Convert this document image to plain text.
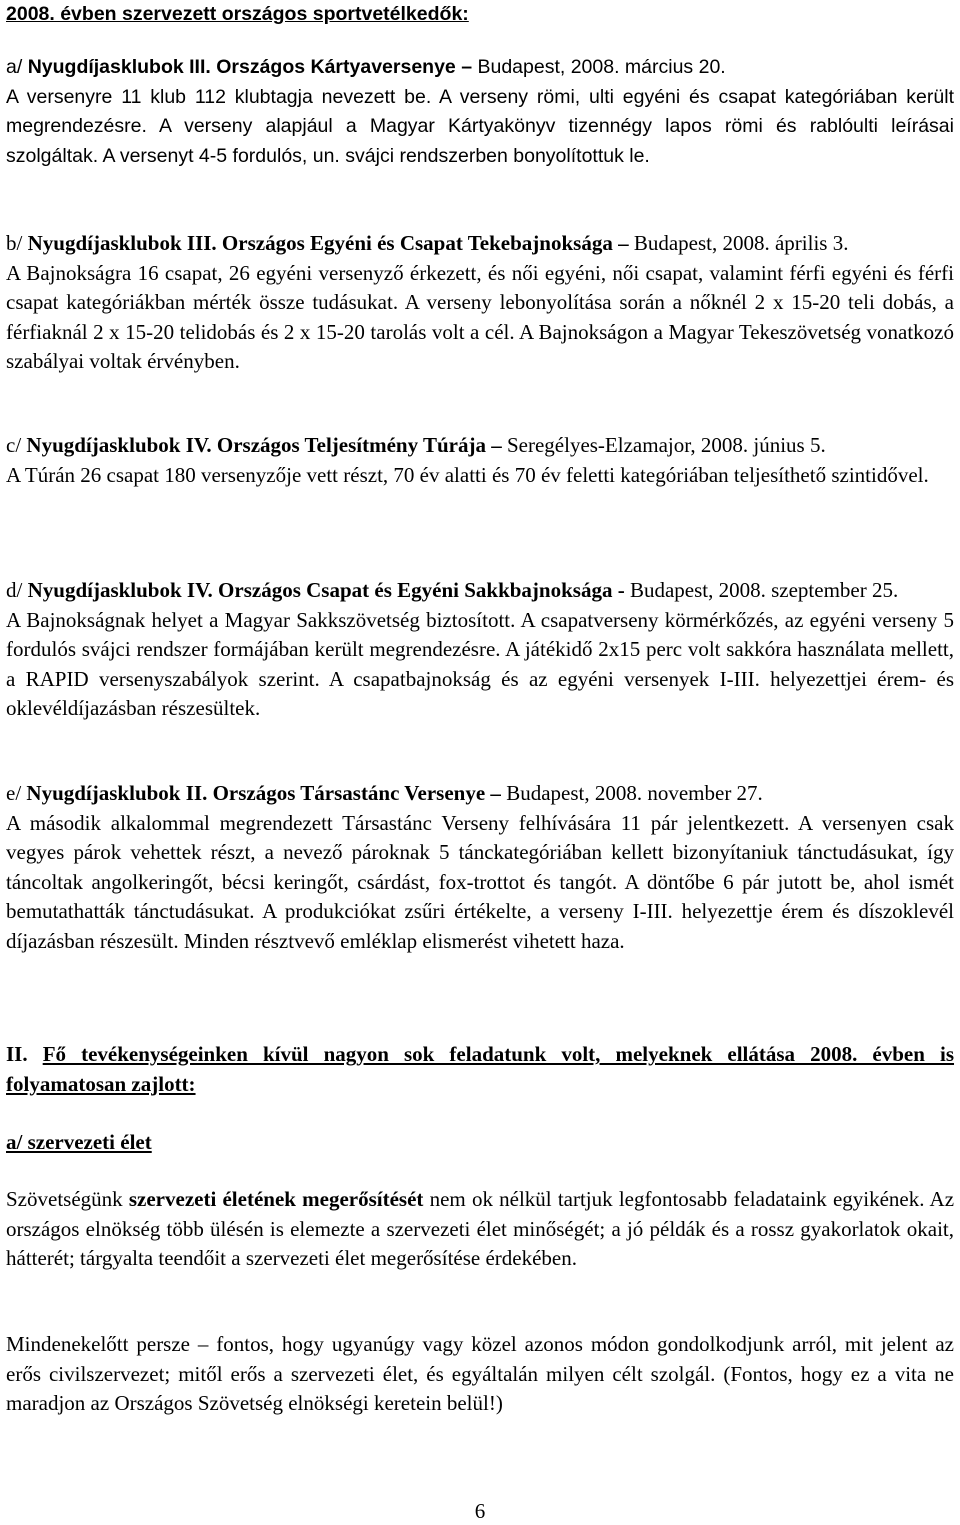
2008. évben szervezett országos sportvetélkedők:
a/ Nyugdíjasklubok III. Országos Kártyaversenye – Budapest, 2008. március 20.
A versenyre 11 klub 112 klubtagja nevezett be. A verseny römi, ulti egyéni és csapat kategóriában került megrendezésre. A verseny alapjául a Magyar Kártyakönyv tizennégy lapos römi és rablóulti leírásai szolgáltak. A versenyt 4-5 fordulós, un. svájci rendszerben bonyolítottuk le.
b/ Nyugdíjasklubok III. Országos Egyéni és Csapat Tekebajnoksága – Budapest, 2008. április 3.
A Bajnokságra 16 csapat, 26 egyéni versenyző érkezett, és női egyéni, női csapat, valamint férfi egyéni és férfi csapat kategóriákban mérték össze tudásukat. A verseny lebonyolítása során a nőknél 2 x 15-20 teli dobás, a férfiaknál 2 x 15-20 telidobás és 2 x 15-20 tarolás volt a cél. A Bajnokságon a Magyar Tekeszövetség vonatkozó szabályai voltak érvényben.
c/ Nyugdíjasklubok IV. Országos Teljesítmény Túrája – Seregélyes-Elzamajor, 2008. június 5.
A Túrán 26 csapat 180 versenyzője vett részt, 70 év alatti és 70 év feletti kategóriában teljesíthető szintidővel.
d/ Nyugdíjasklubok IV. Országos Csapat és Egyéni Sakkbajnoksága - Budapest, 2008. szeptember 25.
A Bajnokságnak helyet a Magyar Sakkszövetség biztosított. A csapatverseny körmérkőzés, az egyéni verseny 5 fordulós svájci rendszer formájában került megrendezésre. A játékidő 2x15 perc volt sakkóra használata mellett, a RAPID versenyszabályok szerint. A csapatbajnokság és az egyéni versenyek I-III. helyezettjei érem- és oklevéldíjazásban részesültek.
e/ Nyugdíjasklubok II. Országos Társastánc Versenye – Budapest, 2008. november 27.
A második alkalommal megrendezett Társastánc Verseny felhívására 11 pár jelentkezett. A versenyen csak vegyes párok vehettek részt, a nevező pároknak 5 tánckategóriában kellett bizonyítaniuk tánctudásukat, így táncoltak angolkeringőt, bécsi keringőt, csárdást, fox-trottot és tangót. A döntőbe 6 pár jutott be, ahol ismét bemutathatták tánctudásukat. A produkciókat zsűri értékelte, a verseny I-III. helyezettje érem és díszoklevél díjazásban részesült. Minden résztvevő emléklap elismerést vihetett haza.
II. Fő tevékenységeinken kívül nagyon sok feladatunk volt, melyeknek ellátása 2008. évben is folyamatosan zajlott:
a/ szervezeti élet
Szövetségünk szervezeti életének megerősítését nem ok nélkül tartjuk legfontosabb feladataink egyikének. Az országos elnökség több ülésén is elemezte a szervezeti élet minőségét; a jó példák és a rossz gyakorlatok okait, hátterét; tárgyalta teendőit a szervezeti élet megerősítése érdekében.
Mindenekelőtt persze – fontos, hogy ugyanúgy vagy közel azonos módon gondolkodjunk arról, mit jelent az erős civilszervezet; mitől erős a szervezeti élet, és egyáltalán milyen célt szolgál. (Fontos, hogy ez a vita ne maradjon az Országos Szövetség elnökségi keretein belül!)
6
